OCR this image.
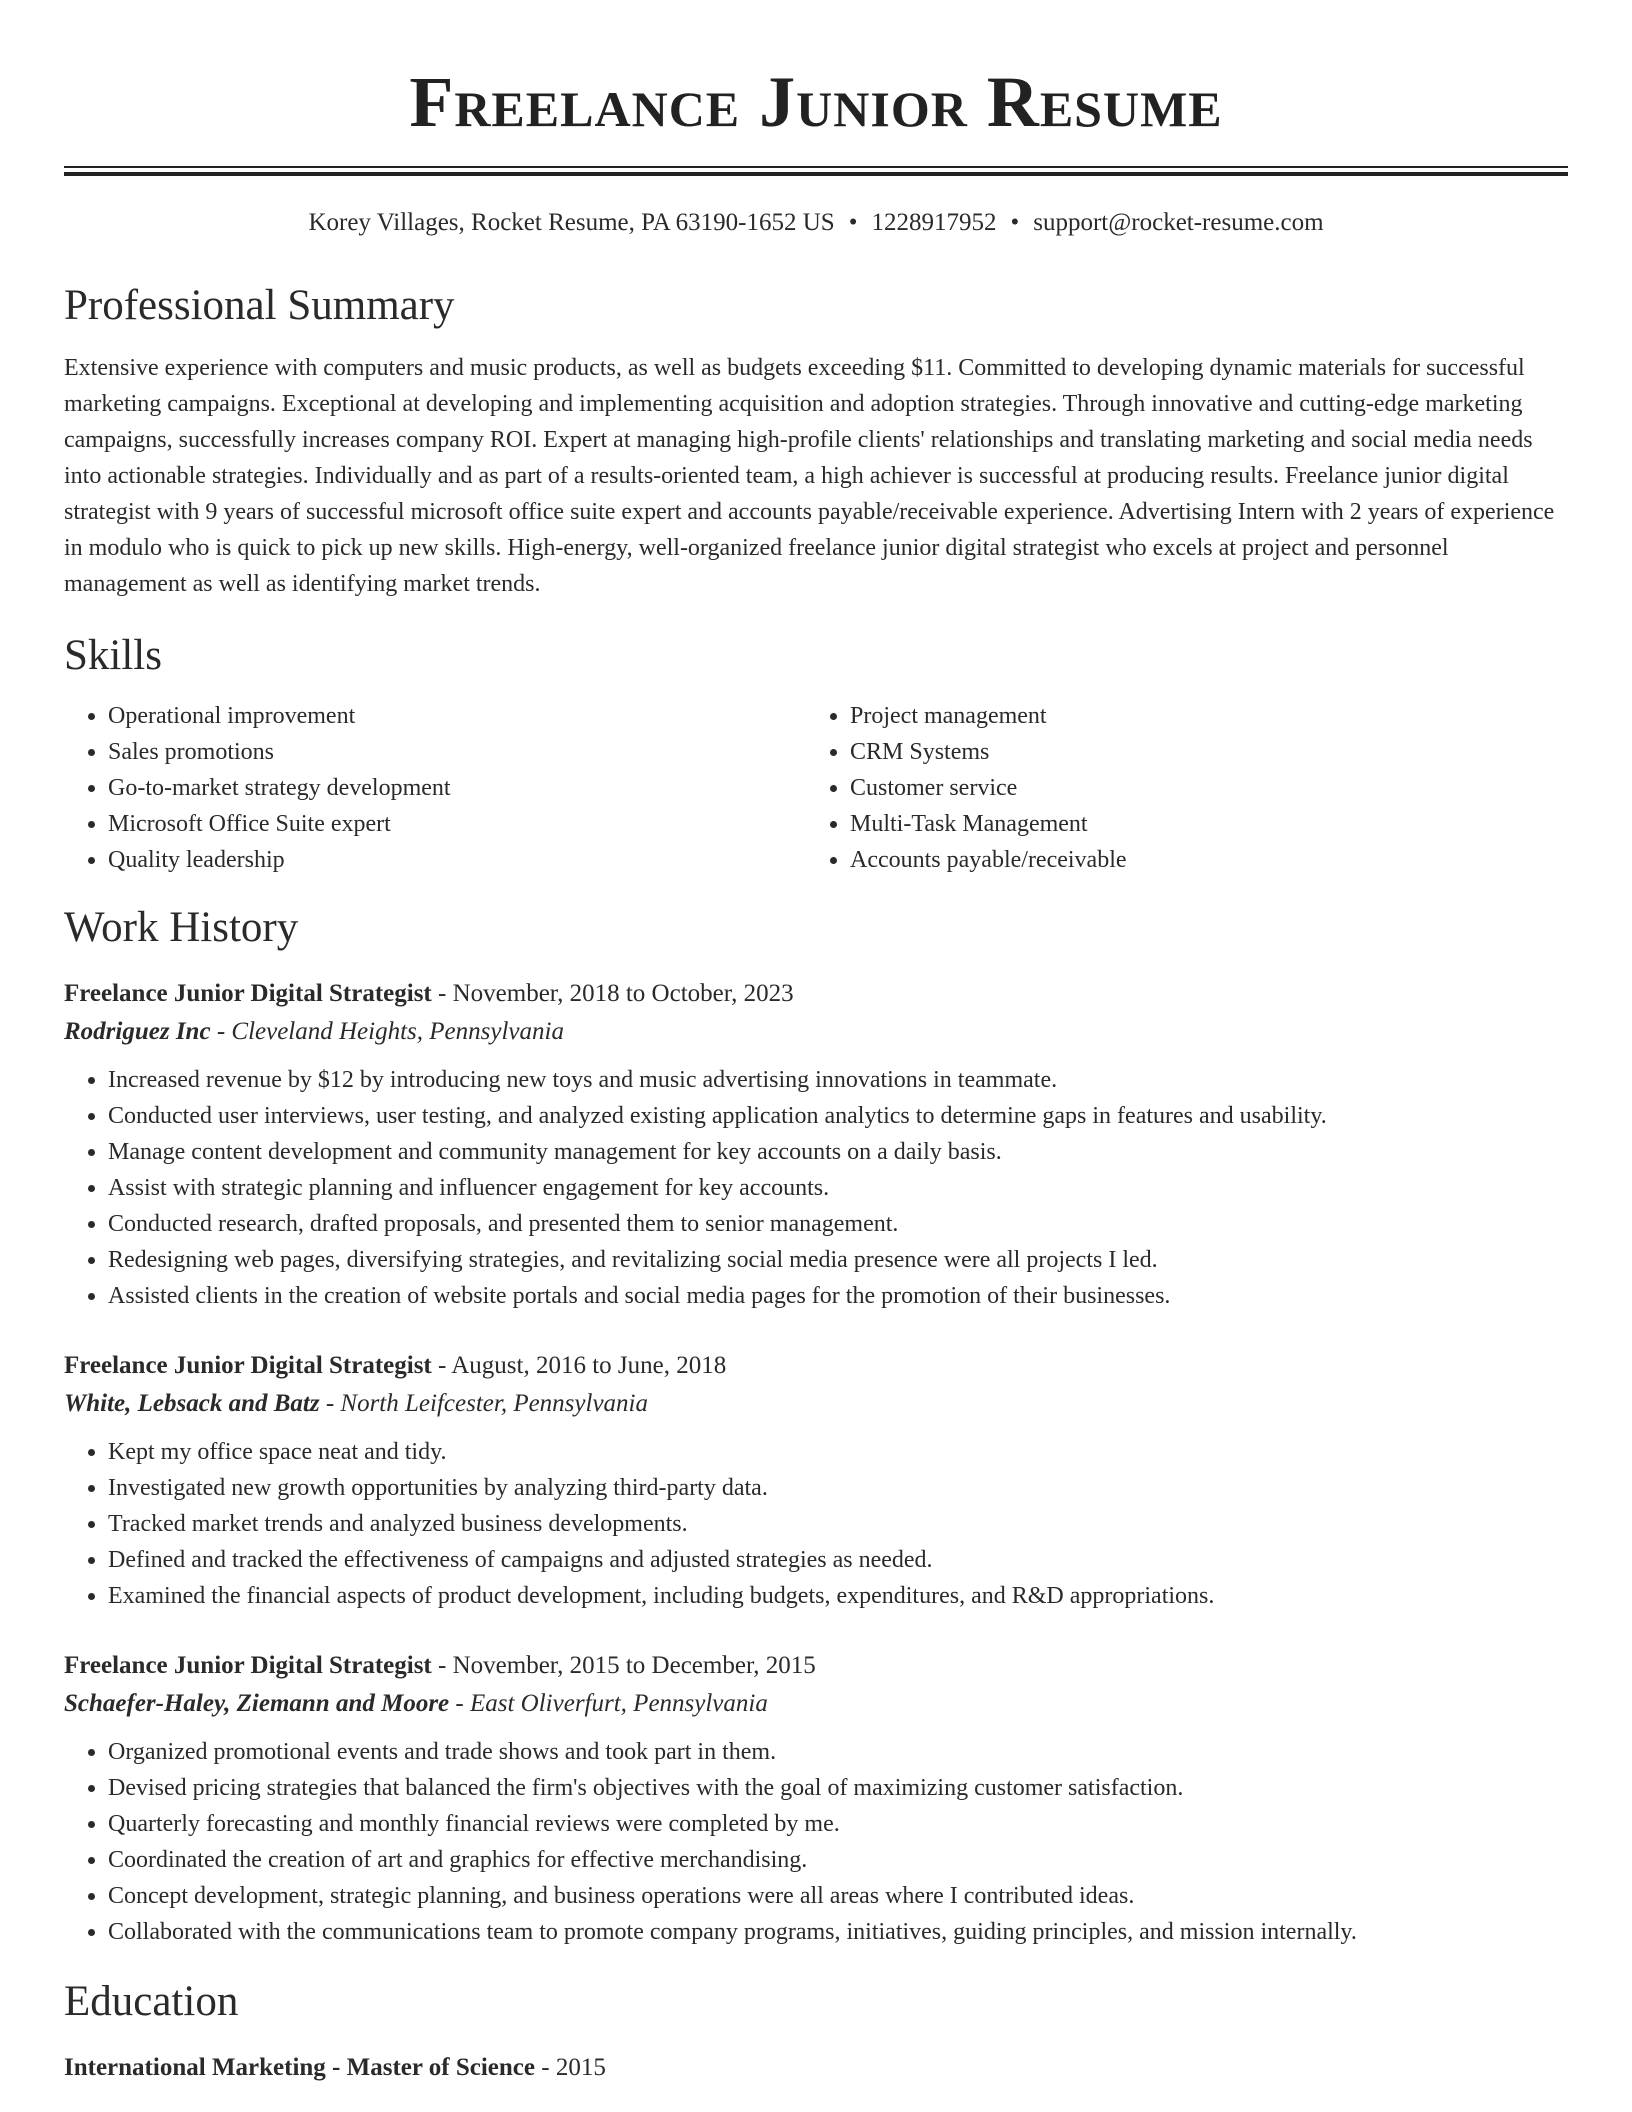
Freelance Junior Resume
Korey Villages, Rocket Resume, PA 63190-1652 US • 1228917952 • support@rocket-resume.com
Professional Summary
Extensive experience with computers and music products, as well as budgets exceeding $11. Committed to developing dynamic materials for successful marketing campaigns. Exceptional at developing and implementing acquisition and adoption strategies. Through innovative and cutting-edge marketing campaigns, successfully increases company ROI. Expert at managing high-profile clients' relationships and translating marketing and social media needs into actionable strategies. Individually and as part of a results-oriented team, a high achiever is successful at producing results. Freelance junior digital strategist with 9 years of successful microsoft office suite expert and accounts payable/receivable experience. Advertising Intern with 2 years of experience in modulo who is quick to pick up new skills. High-energy, well-organized freelance junior digital strategist who excels at project and personnel management as well as identifying market trends.
Skills
• Operational improvement
• Sales promotions
• Go-to-market strategy development
• Microsoft Office Suite expert
• Quality leadership
• Project management
• CRM Systems
• Customer service
• Multi-Task Management
• Accounts payable/receivable
Work History
Freelance Junior Digital Strategist - November, 2018 to October, 2023
Rodriguez Inc - Cleveland Heights, Pennsylvania
• Increased revenue by $12 by introducing new toys and music advertising innovations in teammate.
• Conducted user interviews, user testing, and analyzed existing application analytics to determine gaps in features and usability.
• Manage content development and community management for key accounts on a daily basis.
• Assist with strategic planning and influencer engagement for key accounts.
• Conducted research, drafted proposals, and presented them to senior management.
• Redesigning web pages, diversifying strategies, and revitalizing social media presence were all projects I led.
• Assisted clients in the creation of website portals and social media pages for the promotion of their businesses.
Freelance Junior Digital Strategist - August, 2016 to June, 2018
White, Lebsack and Batz - North Leifcester, Pennsylvania
• Kept my office space neat and tidy.
• Investigated new growth opportunities by analyzing third-party data.
• Tracked market trends and analyzed business developments.
• Defined and tracked the effectiveness of campaigns and adjusted strategies as needed.
• Examined the financial aspects of product development, including budgets, expenditures, and R&D appropriations.
Freelance Junior Digital Strategist - November, 2015 to December, 2015
Schaefer-Haley, Ziemann and Moore - East Oliverfurt, Pennsylvania
• Organized promotional events and trade shows and took part in them.
• Devised pricing strategies that balanced the firm's objectives with the goal of maximizing customer satisfaction.
• Quarterly forecasting and monthly financial reviews were completed by me.
• Coordinated the creation of art and graphics for effective merchandising.
• Concept development, strategic planning, and business operations were all areas where I contributed ideas.
• Collaborated with the communications team to promote company programs, initiatives, guiding principles, and mission internally.
Education
International Marketing - Master of Science - 2015
